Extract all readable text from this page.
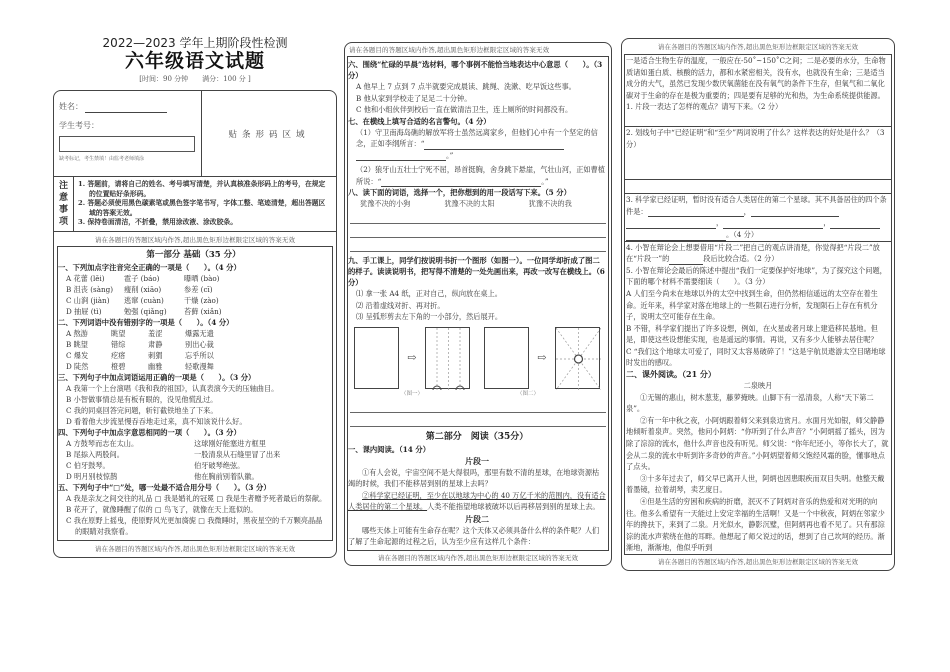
2022—2023 学年上期阶段性检测
六年级语文试题
[时间：90 分钟　　满分：100 分 ]
姓名：
学生考号：
缺考标记，考生禁填！由监考老师填涂
贴条形码区域
注
意
事
项
1. 答题前，请将自己的姓名、考号填写清楚，并认真核准条形码上的考号，在规定的位置贴好条形码。
2. 答题必须使用黑色碳素笔或黑色签字笔书写，字体工整、笔迹清楚，超出答题区域的答案无效。
3. 保持卷面清洁，不折叠，禁用涂改液、涂改胶条。
请在各题目的答题区域内作答,超出黑色矩形边框限定区域的答案无效
第一部分 基础（35 分）
一、下列加点字注音完全正确的一项是（　　）。（4 分）
A 花蕾 (lěi)	雹子 (báo)	曝晒 (bào)
B 沮丧 (sàng) 瘦削 (xiāo)	参差 (cī)
C 山涧 (jiàn) 逃窜 (cuàn)	干燥 (zào)
D 抽屉 (tì)	勉强 (qiǎng) 苔藓 (xiǎn)
二、下列词语中没有错别字的一项是（　　）。（4 分）
A 熬游	眺望	羞涩	爆露无遗
B 眺望	错综	肃静	别出心裁
C 爆发	疙瘩	刺猬	忘乎所以
D 陡然	橙碧	幽雅	轻歌漫舞
三、下列句子中加点词语运用正确的一项是（　　）。（3 分）
A 我第一个上台演唱《我和我的祖国》，认真表演今天的压轴曲目。
B 小智做事情总是有板有眼的，没见他慌乱过。
C 我的同桌回答完问题，斩钉截铁地坐了下来。
D 看着他大步流星慢吞吞地走过来，真不知该说什么好。
四、下列句子中加点字意思相同的一项（　　）。（3 分）
A 方鼓琴而志在太山。	这球刚好能塞进方框里
B 尾掭入两股间。	一股清泉从石缝里冒了出来
C 伯牙鼓琴。	伯牙破琴绝弦。
D 明月别枝惊鹊	他在胸前别着队徽。
五、下列句子中“□”处，哪一处最不适合用分号（　　）。（3 分）
A 我是亲友之间交往的礼品 □ 我是婚礼的冠冕 □ 我是生者赠予死者最后的祭献。
B 花开了，就像睡醒了似的 □ 鸟飞了，就像在天上逛似的。
C 我在原野上摇曳，使原野风光更加旖旎 □ 我微睡时，黑夜星空的千万颗亮晶晶的眼睛对我察看。
请在各题目的答题区域内作答,超出黑色矩形边框限定区域的答案无效
请在各题目的答题区域内作答,超出黑色矩形边框限定区域的答案无效
六、围绕“忙碌的早晨”选材料，哪个事例不能恰当地表达中心意思（　　）。（3 分）
A 他早上 7 点到 7 点半就要完成晨读、跳绳、洗漱、吃早饭这些事。
B 他从家到学校走了足足二十分钟。
C 他和小组伙伴到校后一直在做清洁卫生，连上厕所的时间都没有。
七、在横线上填写合适的名言警句。（4 分）
（1）守卫南海岛礁的解放军将士虽然远离家乡，但他们心中有一个坚定的信念，正如李纲所言：“
。”
（2）狼牙山五壮士宁死不屈，昂首挺胸，舍身跳下悬崖，气壮山河，正如曹植所说：“	。”
八、读下面的词语，选择一个，把你想到的用一段话写下来。（5 分）
犹豫不决的小狗	犹豫不决的太阳	犹豫不决的我
九、手工课上，同学们按说明书折一个图形（如图一）。一位同学却折成了图二的样子。读读说明书，把写得不清楚的一处先画出来，再改一改写在横线上。（6 分）
⑴ 拿一张 A4 纸，正对自己，纵向放在桌上。
⑵ 沿着虚线对折、再对折。
⑶ 呈弧形剪去左下角的一小部分，然后展开。
⇨	⇨
（图一）	（图二）
第二部分　阅读（35分）
一、课内阅读。（14 分）
片段一
①有人会说，宇宙空间不是大得很吗，那里有数不清的星球，在地球资源枯竭的时候，我们不能移居到别的星球上去吗？
②科学家已经证明，至少在以地球为中心的 40 万亿千米的范围内，没有适合人类居住的第二个星球。人类不能指望地球被破坏以后再移居到别的星球上去。
片段二
哪些天体上可能有生命存在呢？这个天体又必须具备什么样的条件呢？人们了解了生命起源的过程之后，认为至少应有这样几个条件：
请在各题目的答题区域内作答,超出黑色矩形边框限定区域的答案无效
请在各题目的答题区域内作答,超出黑色矩形边框限定区域的答案无效
一是适合生物生存的温度，一般应在-50˚~150˚C之间；二是必要的水分，生命物质诸如蛋白质、核酸的活力，都和水紧密相关，没有水，也就没有生命；三是适当成分的大气，虽然已发现少数厌氧菌能在没有氧气的条件下生存，但氧气和二氧化碳对于生命的存在是极为重要的；四是要有足够的光和热，为生命系统提供能源。
1. 片段一表达了怎样的观点？请写下来。（2 分）
2. 划线句子中“已经证明”和“至少”两词说明了什么？这样表达的好处是什么？（3 分）
3. 科学家已经证明，暂时没有适合人类居住的第二个星球。其不具备居住的四个条件是：	，
，	，
。（4 分）
4. 小智在辩论会上想要借用“片段二”把自己的观点讲清楚，你觉得把“片段二”放在“片段一”的	段后比较合适。（2 分）
5. 小智在辩论会最后的陈述中提出“我们一定要保护好地球”，为了探究这个问题，下面的哪个材料不需要细读（　　）。（3 分）
A 人们至今尚未在地球以外的太空中找到生命，但仍然相信遥远的太空存在着生命。近年来，科学家对落在地球上的一些陨石进行分析，发现陨石上存在有机分子，说明太空可能存在生命。
B 不错，科学家们提出了许多设想，例如，在火星或者月球上建造移民基地。但是，即使这些设想能实现，也是遥远的事情。再说，又有多少人能够去居住呢？
C “我们这个地球太可爱了，同时又太容易破碎了！”这是宇航员遨游太空目睹地球时发出的感叹。
二、课外阅读。（21 分）
二泉映月
①无锡的惠山，树木葱茏，藤萝掩映。山脚下有一泓清泉，人称“天下第二泉”。
②有一年中秋之夜，小阿炳跟着师父来到泉边赏月。水面月光如银，师父静静地倾听着泉声。突然，他问小阿炳：“你听到了什么声音？”小阿炳摇了摇头，因为除了淙淙的流水，他什么声音也没有听见。师父说：“你年纪还小，等你长大了，就会从二泉的流水中听到许多奇妙的声音。”小阿炳望着师父饱经风霜的脸，懂事地点了点头。
③十多年过去了，师父早已离开人世，阿炳也因患眼疾而双目失明。他整天戴着墨镜，拉着胡琴，卖艺度日。
④但是生活的穷困和疾病的折磨，泯灭不了阿炳对音乐的热爱和对光明的向往。他多么希望有一天能过上安定幸福的生活啊！又是一个中秋夜，阿炳在邻家少年的搀扶下，来到了二泉。月光似水，静影沉璧，但阿炳再也看不见了。只有那淙淙的流水声萦绕在他的耳畔。他想起了师父说过的话，想到了自己坎坷的经历。渐渐地，渐渐地，他似乎听到
请在各题目的答题区域内作答,超出黑色矩形边框限定区域的答案无效
